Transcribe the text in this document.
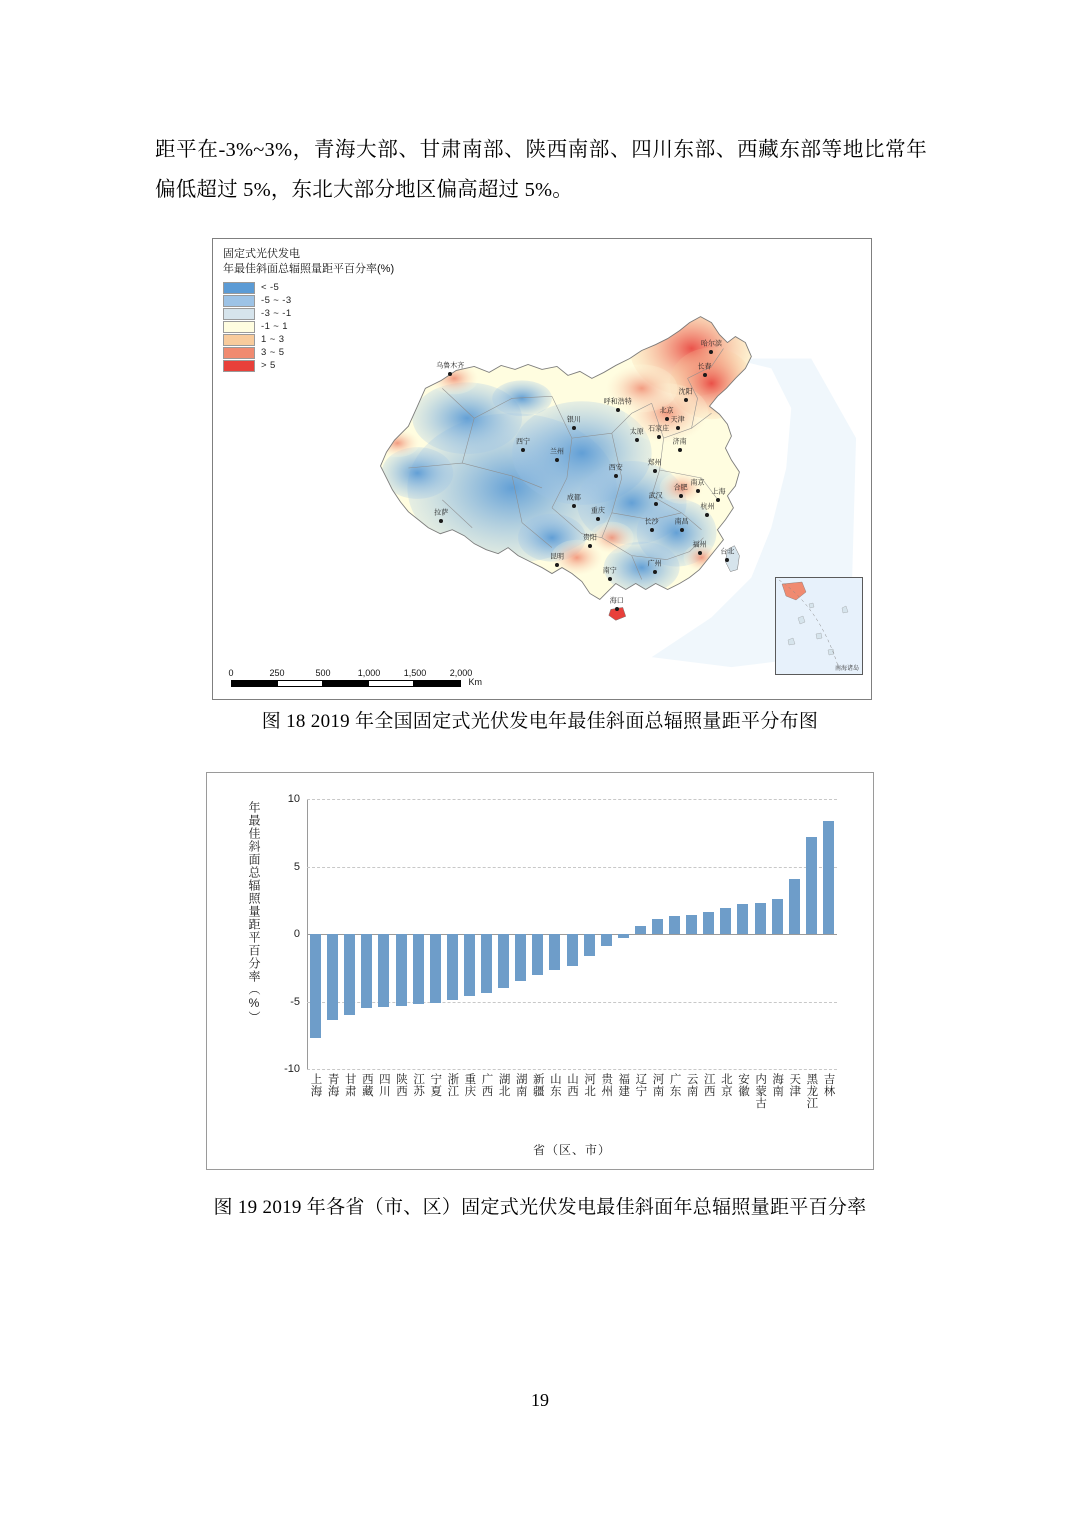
距平在-3%~3%，青海大部、甘肃南部、陕西南部、四川东部、西藏东部等地比常年偏低超过 5%，东北大部分地区偏高超过 5%。
固定式光伏发电
年最佳斜面总辐照量距平百分率(%)
< -5
-5 ~ -3
-3 ~ -1
-1 ~ 1
1 ~ 3
3 ~ 5
> 5	乌鲁木齐
哈尔滨
长春
沈阳
呼和浩特
北京
天津
石家庄
太原
银川
济南
西宁
兰州
郑州
西安
南京
合肥
上海
武汉
成都
杭州
拉萨	重庆
长沙 南昌
贵阳
福州
昆明
台北
广州
南宁
海口
0	250	500	1,000	1,500	2,000
Km
南海诸岛
图 18 2019 年全国固定式光伏发电年最佳斜面总辐照量距平分布图
年最佳斜面总辐照量距平百分率（%）
-10
-5
0
5
10
上海 青海 甘肃 西藏 四川 陕西 江苏 宁夏 浙江 重庆 广西 湖北 湖南 新疆 山东 山西 河北 贵州 福建 辽宁 河南 广东 云南 江西 北京 安徽 内蒙古 海南 天津 黑龙江 吉林
省（区、市）
图 19 2019 年各省（市、区）固定式光伏发电最佳斜面年总辐照量距平百分率
19
